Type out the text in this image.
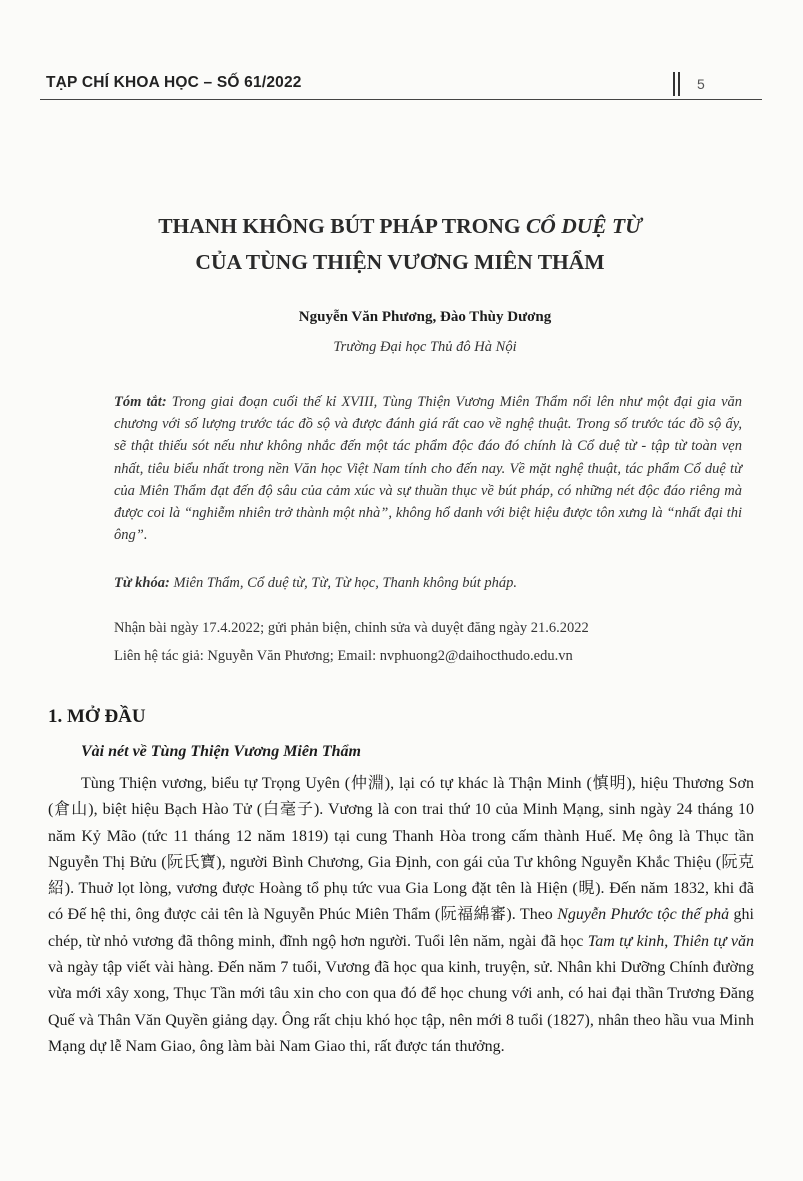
TẠP CHÍ KHOA HỌC – SỐ 61/2022	5
THANH KHÔNG BÚT PHÁP TRONG CỔ DUỆ TỪ
CỦA TÙNG THIỆN VƯƠNG MIÊN THẨM
Nguyễn Văn Phương, Đào Thùy Dương
Trường Đại học Thủ đô Hà Nội

Tóm tắt: Trong giai đoạn cuối thế kỉ XVIII, Tùng Thiện Vương Miên Thẩm nổi lên như một đại gia văn chương với số lượng trước tác đồ sộ và được đánh giá rất cao về nghệ thuật. Trong số trước tác đồ sộ ấy, sẽ thật thiếu sót nếu như không nhắc đến một tác phẩm độc đáo đó chính là Cổ duệ từ - tập từ toàn vẹn nhất, tiêu biểu nhất trong nền Văn học Việt Nam tính cho đến nay. Về mặt nghệ thuật, tác phẩm Cổ duệ từ của Miên Thẩm đạt đến độ sâu của cảm xúc và sự thuần thục về bút pháp, có những nét độc đáo riêng mà được coi là “nghiễm nhiên trở thành một nhà”, không hổ danh với biệt hiệu được tôn xưng là “nhất đại thi ông”.

Từ khóa: Miên Thẩm, Cổ duệ từ, Từ, Từ học, Thanh không bút pháp.

Nhận bài ngày 17.4.2022; gửi phản biện, chỉnh sửa và duyệt đăng ngày 21.6.2022

Liên hệ tác giả: Nguyễn Văn Phương; Email: nvphuong2@daihocthudo.edu.vn

1. MỞ ĐẦU
Vài nét về Tùng Thiện Vương Miên Thẩm

Tùng Thiện vương, biểu tự Trọng Uyên (仲淵), lại có tự khác là Thận Minh (慎明), hiệu Thương Sơn (倉山), biệt hiệu Bạch Hào Tử (白毫子). Vương là con trai thứ 10 của Minh Mạng, sinh ngày 24 tháng 10 năm Kỷ Mão (tức 11 tháng 12 năm 1819) tại cung Thanh Hòa trong cấm thành Huế. Mẹ ông là Thục tần Nguyễn Thị Bửu (阮氏寶), người Bình Chương, Gia Định, con gái của Tư không Nguyễn Khắc Thiệu (阮克紹). Thuở lọt lòng, vương được Hoàng tổ phụ tức vua Gia Long đặt tên là Hiện (晛). Đến năm 1832, khi đã có Đế hệ thi, ông được cải tên là Nguyễn Phúc Miên Thẩm (阮福綿審). Theo Nguyễn Phước tộc thế phả ghi chép, từ nhỏ vương đã thông minh, đĩnh ngộ hơn người. Tuổi lên năm, ngài đã học Tam tự kinh, Thiên tự văn và ngày tập viết vài hàng. Đến năm 7 tuổi, Vương đã học qua kinh, truyện, sử. Nhân khi Dưỡng Chính đường vừa mới xây xong, Thục Tần mới tâu xin cho con qua đó để học chung với anh, có hai đại thần Trương Đăng Quế và Thân Văn Quyền giảng dạy. Ông rất chịu khó học tập, nên mới 8 tuổi (1827), nhân theo hầu vua Minh Mạng dự lễ Nam Giao, ông làm bài Nam Giao thi, rất được tán thưởng.
